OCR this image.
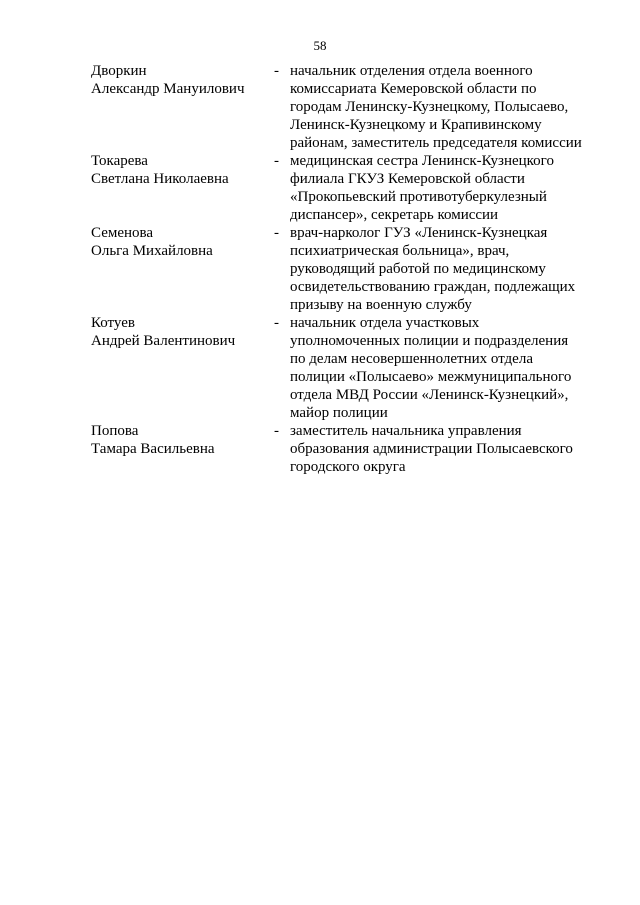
58
Дворкин
Александр Мануилович
- начальник отделения отдела военного
комиссариата Кемеровской области по
городам Ленинску-Кузнецкому, Полысаево,
Ленинск-Кузнецкому и Крапивинскому
районам, заместитель председателя комиссии
Токарева
Светлана Николаевна
- медицинская сестра Ленинск-Кузнецкого
филиала ГКУЗ Кемеровской области
«Прокопьевский противотуберкулезный
диспансер», секретарь комиссии
Семенова
Ольга Михайловна
- врач-нарколог ГУЗ «Ленинск-Кузнецкая
психиатрическая больница», врач,
руководящий работой по медицинскому
освидетельствованию граждан, подлежащих
призыву на военную службу
Котуев
Андрей Валентинович
- начальник отдела участковых
уполномоченных полиции и подразделения
по делам несовершеннолетних отдела
полиции «Полысаево» межмуниципального
отдела МВД России «Ленинск-Кузнецкий»,
майор полиции
Попова
Тамара Васильевна
- заместитель начальника управления
образования администрации Полысаевского
городского округа
